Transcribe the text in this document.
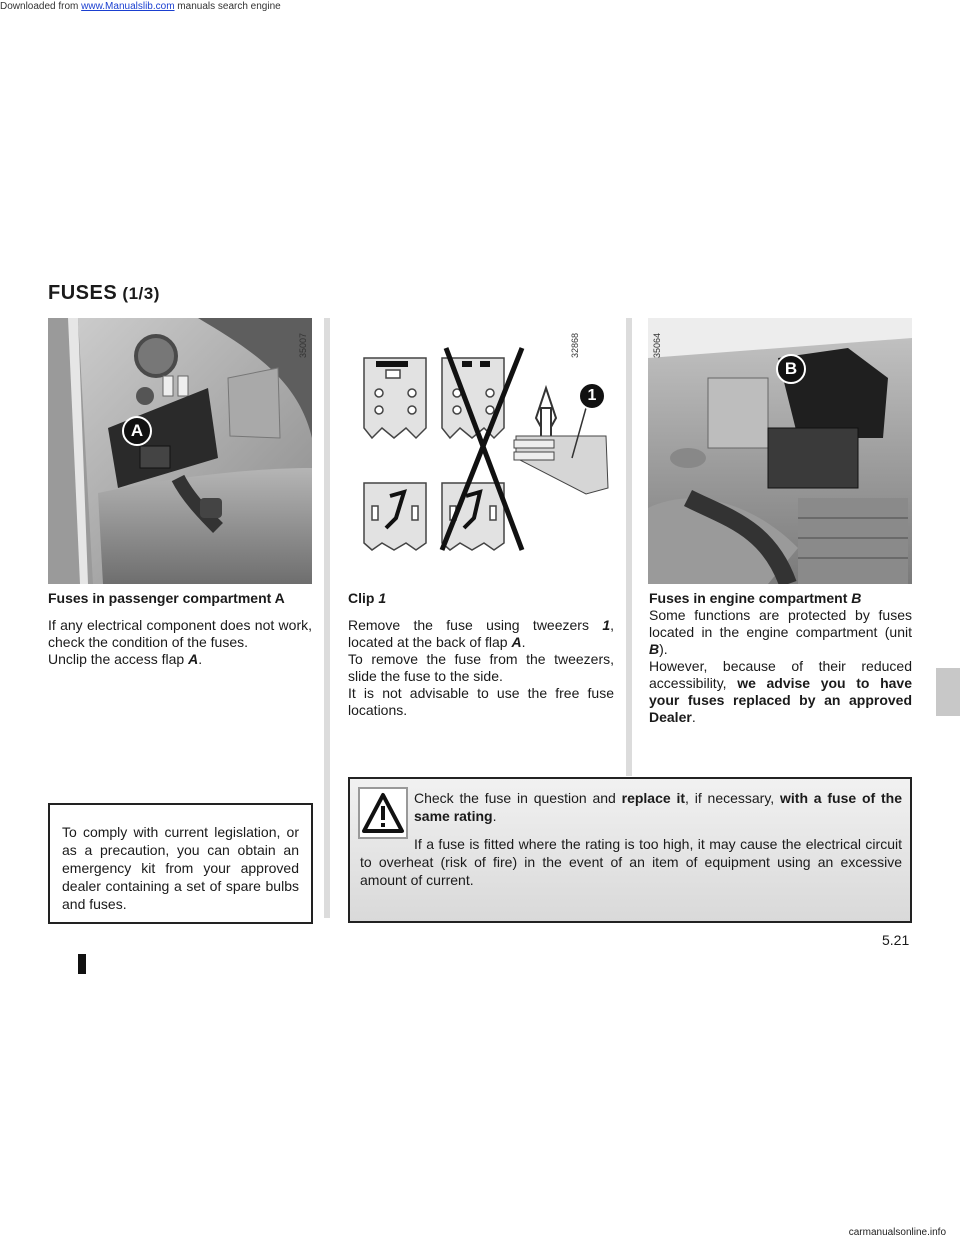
Downloaded from www.Manualslib.com manuals search engine
FUSES (1/3)
A
35007
1
32868
B
35064
Fuses in passenger compartment A

If any electrical component does not work, check the condition of the fuses.

Unclip the access flap A.

Clip 1

Remove the fuse using tweezers 1, located at the back of flap A.

To remove the fuse from the tweezers, slide the fuse to the side.

It is not advisable to use the free fuse locations.

Fuses in engine compartment B

Some functions are protected by fuses located in the engine compartment (unit B).

However, because of their reduced accessibility, we advise you to have your fuses replaced by an approved Dealer.

To comply with current legislation, or as a precaution, you can obtain an emergency kit from your approved dealer containing a set of spare bulbs and fuses.

Check the fuse in question and replace it, if necessary, with a fuse of the same rating.

If a fuse is fitted where the rating is too high, it may cause the electrical circuit to overheat (risk of fire) in the event of an item of equipment using an excessive amount of current.

5.21
carmanualsonline.info
